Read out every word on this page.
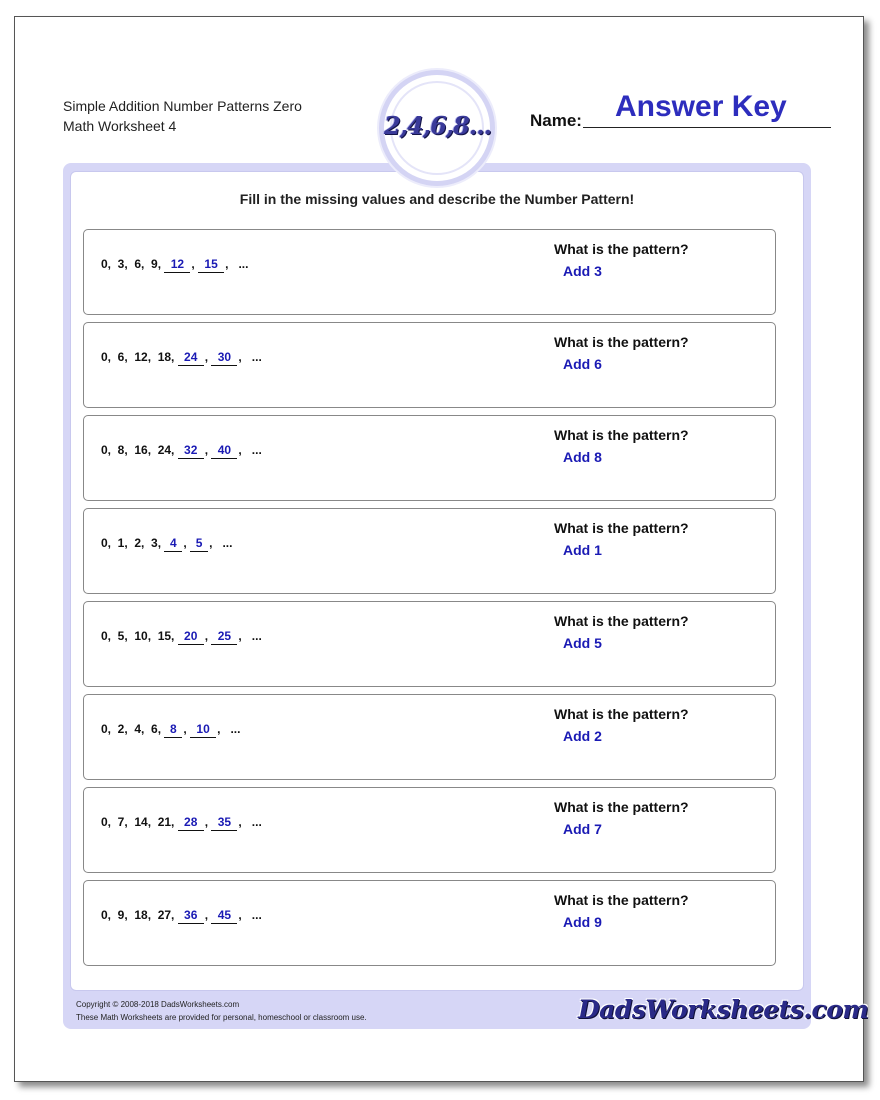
Simple Addition Number Patterns Zero
Math Worksheet 4
Answer Key
Name:
2,4,6,8...
Fill in the missing values and describe the Number Pattern!
0,  3,  6,  9,
12 ,
15 ,
...
What is the pattern?
Add 3
0,  6,  12,  18,
24 ,
30 ,
...
What is the pattern?
Add 6
0,  8,  16,  24,
32 ,
40 ,
...
What is the pattern?
Add 8
0,  1,  2,  3,
4 ,
5 ,
...
What is the pattern?
Add 1
0,  5,  10,  15,
20 ,
25 ,
...
What is the pattern?
Add 5
0,  2,  4,  6,
8 ,
10 ,
...
What is the pattern?
Add 2
0,  7,  14,  21,
28 ,
35 ,
...
What is the pattern?
Add 7
0,  9,  18,  27,
36 ,
45 ,
...
What is the pattern?
Add 9
Copyright © 2008-2018 DadsWorksheets.com
These Math Worksheets are provided for personal, homeschool or classroom use.	DadsWorksheets.com
